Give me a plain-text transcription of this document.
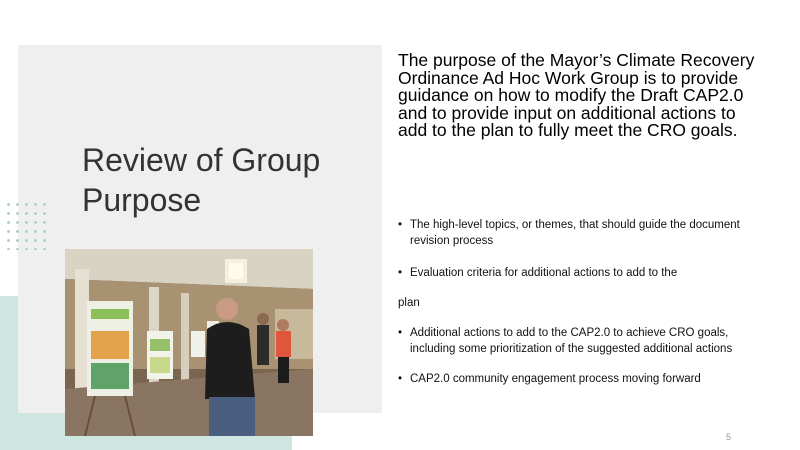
Review of Group Purpose

The purpose of the Mayor’s Climate Recovery Ordinance Ad Hoc Work Group is to provide guidance on how to modify the Draft CAP2.0 and to provide input on additional actions to add to the plan to fully meet the CRO goals.

• The high-level topics, or themes, that should guide the document revision process
• Evaluation criteria for additional actions to add to the
plan
• Additional actions to add to the CAP2.0 to achieve CRO goals, including some prioritization of the suggested additional actions
• CAP2.0 community engagement process moving forward
5
